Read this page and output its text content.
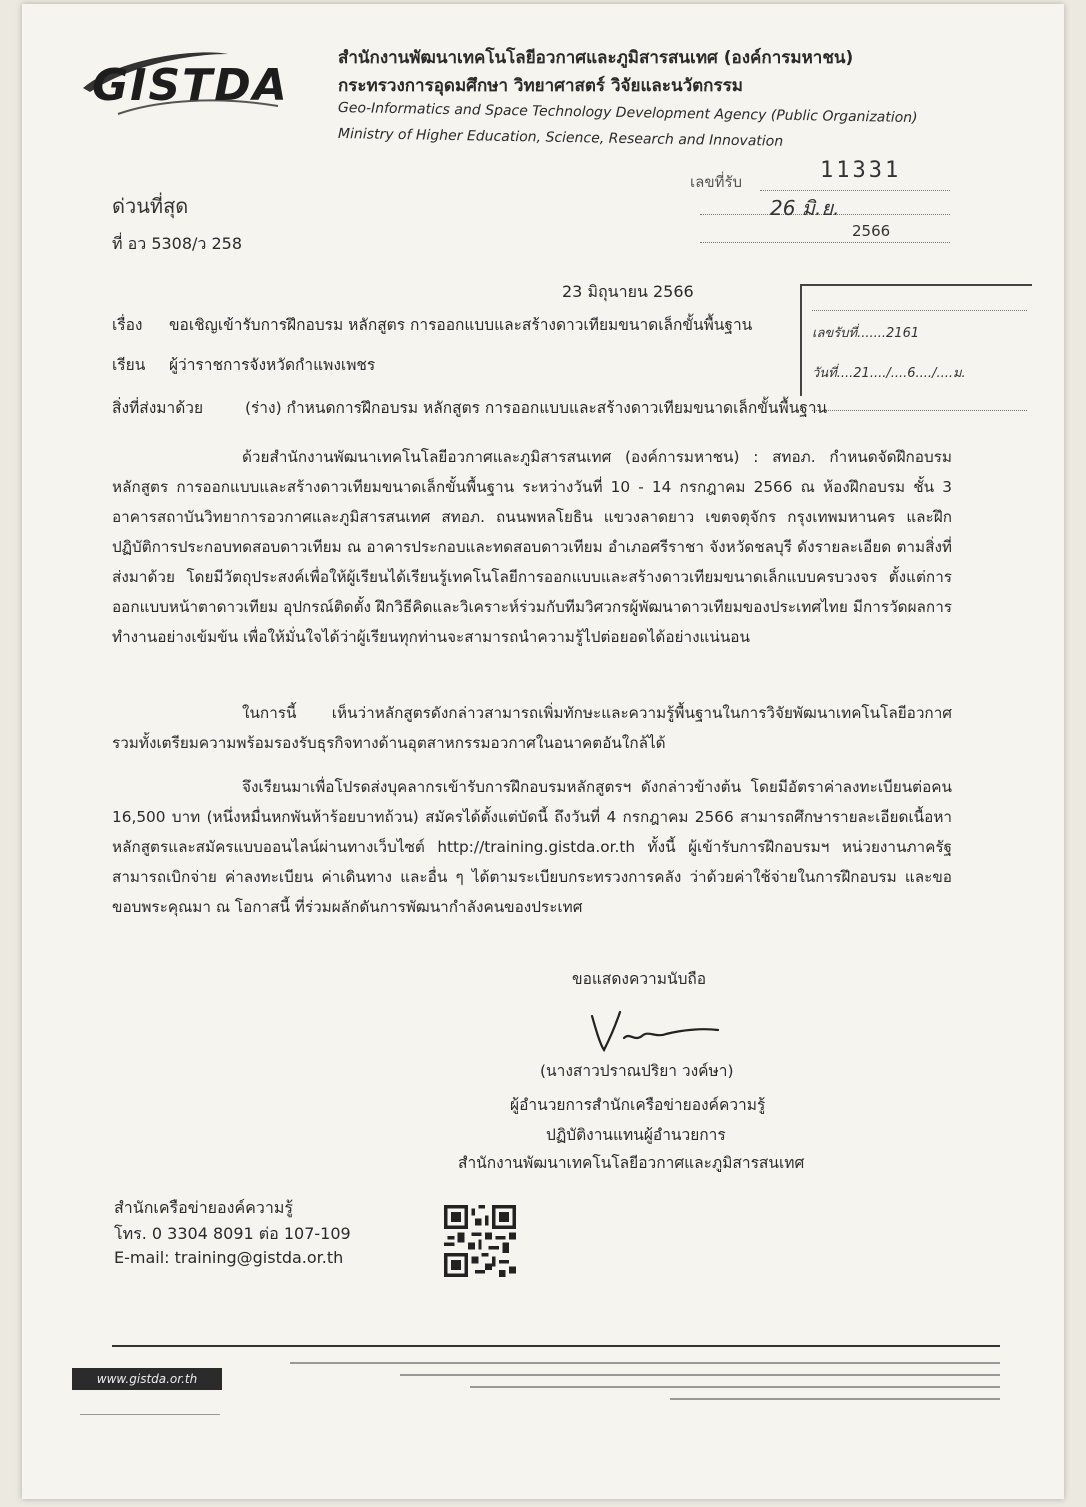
GISTDA
สำนักงานพัฒนาเทคโนโลยีอวกาศและภูมิสารสนเทศ (องค์การมหาชน)
กระทรวงการอุดมศึกษา วิทยาศาสตร์ วิจัยและนวัตกรรม
Geo-Informatics and Space Technology Development Agency (Public Organization)
Ministry of Higher Education, Science, Research and Innovation
เลขที่รับ	11331
26 มิ.ย.
2566
ด่วนที่สุด
ที่ อว 5308/ว 258
23 มิถุนายน 2566
เลขรับที่.......2161
วันที่....21..../....6..../....ม.
เรื่อง ขอเชิญเข้ารับการฝึกอบรม หลักสูตร การออกแบบและสร้างดาวเทียมขนาดเล็กขั้นพื้นฐาน
เรียน ผู้ว่าราชการจังหวัดกำแพงเพชร
สิ่งที่ส่งมาด้วย	(ร่าง) กำหนดการฝึกอบรม หลักสูตร การออกแบบและสร้างดาวเทียมขนาดเล็กขั้นพื้นฐาน

ด้วยสำนักงานพัฒนาเทคโนโลยีอวกาศและภูมิสารสนเทศ (องค์การมหาชน) : สทอภ. กำหนดจัดฝึกอบรม หลักสูตร การออกแบบและสร้างดาวเทียมขนาดเล็กขั้นพื้นฐาน ระหว่างวันที่ 10 - 14 กรกฎาคม 2566 ณ ห้องฝึกอบรม ชั้น 3 อาคารสถาบันวิทยาการอวกาศและภูมิสารสนเทศ สทอภ. ถนนพหลโยธิน แขวงลาดยาว เขตจตุจักร กรุงเทพมหานคร และฝึกปฏิบัติการประกอบทดสอบดาวเทียม ณ อาคารประกอบและทดสอบดาวเทียม อำเภอศรีราชา จังหวัดชลบุรี ดังรายละเอียด ตามสิ่งที่ส่งมาด้วย โดยมีวัตถุประสงค์เพื่อให้ผู้เรียนได้เรียนรู้เทคโนโลยีการออกแบบและสร้างดาวเทียมขนาดเล็กแบบครบวงจร ตั้งแต่การออกแบบหน้าตาดาวเทียม อุปกรณ์ติดตั้ง ฝึกวิธีคิดและวิเคราะห์ร่วมกับทีมวิศวกรผู้พัฒนาดาวเทียมของประเทศไทย มีการวัดผลการทำงานอย่างเข้มข้น เพื่อให้มั่นใจได้ว่าผู้เรียนทุกท่านจะสามารถนำความรู้ไปต่อยอดได้อย่างแน่นอน

ในการนี้ เห็นว่าหลักสูตรดังกล่าวสามารถเพิ่มทักษะและความรู้พื้นฐานในการวิจัยพัฒนาเทคโนโลยีอวกาศ รวมทั้งเตรียมความพร้อมรองรับธุรกิจทางด้านอุตสาหกรรมอวกาศในอนาคตอันใกล้ได้

จึงเรียนมาเพื่อโปรดส่งบุคลากรเข้ารับการฝึกอบรมหลักสูตรฯ ดังกล่าวข้างต้น โดยมีอัตราค่าลงทะเบียนต่อคน 16,500 บาท (หนึ่งหมื่นหกพันห้าร้อยบาทถ้วน) สมัครได้ตั้งแต่บัดนี้ ถึงวันที่ 4 กรกฎาคม 2566 สามารถศึกษารายละเอียดเนื้อหาหลักสูตรและสมัครแบบออนไลน์ผ่านทางเว็บไซต์ http://training.gistda.or.th ทั้งนี้ ผู้เข้ารับการฝึกอบรมฯ หน่วยงานภาครัฐ สามารถเบิกจ่าย ค่าลงทะเบียน ค่าเดินทาง และอื่น ๆ ได้ตามระเบียบกระทรวงการคลัง ว่าด้วยค่าใช้จ่ายในการฝึกอบรม และขอขอบพระคุณมา ณ โอกาสนี้ ที่ร่วมผลักดันการพัฒนากำลังคนของประเทศ

ขอแสดงความนับถือ
(นางสาวปราณปริยา วงค์ษา)
ผู้อำนวยการสำนักเครือข่ายองค์ความรู้
ปฏิบัติงานแทนผู้อำนวยการ
สำนักงานพัฒนาเทคโนโลยีอวกาศและภูมิสารสนเทศ
สำนักเครือข่ายองค์ความรู้
โทร. 0 3304 8091 ต่อ 107-109
E-mail: training@gistda.or.th
www.gistda.or.th
